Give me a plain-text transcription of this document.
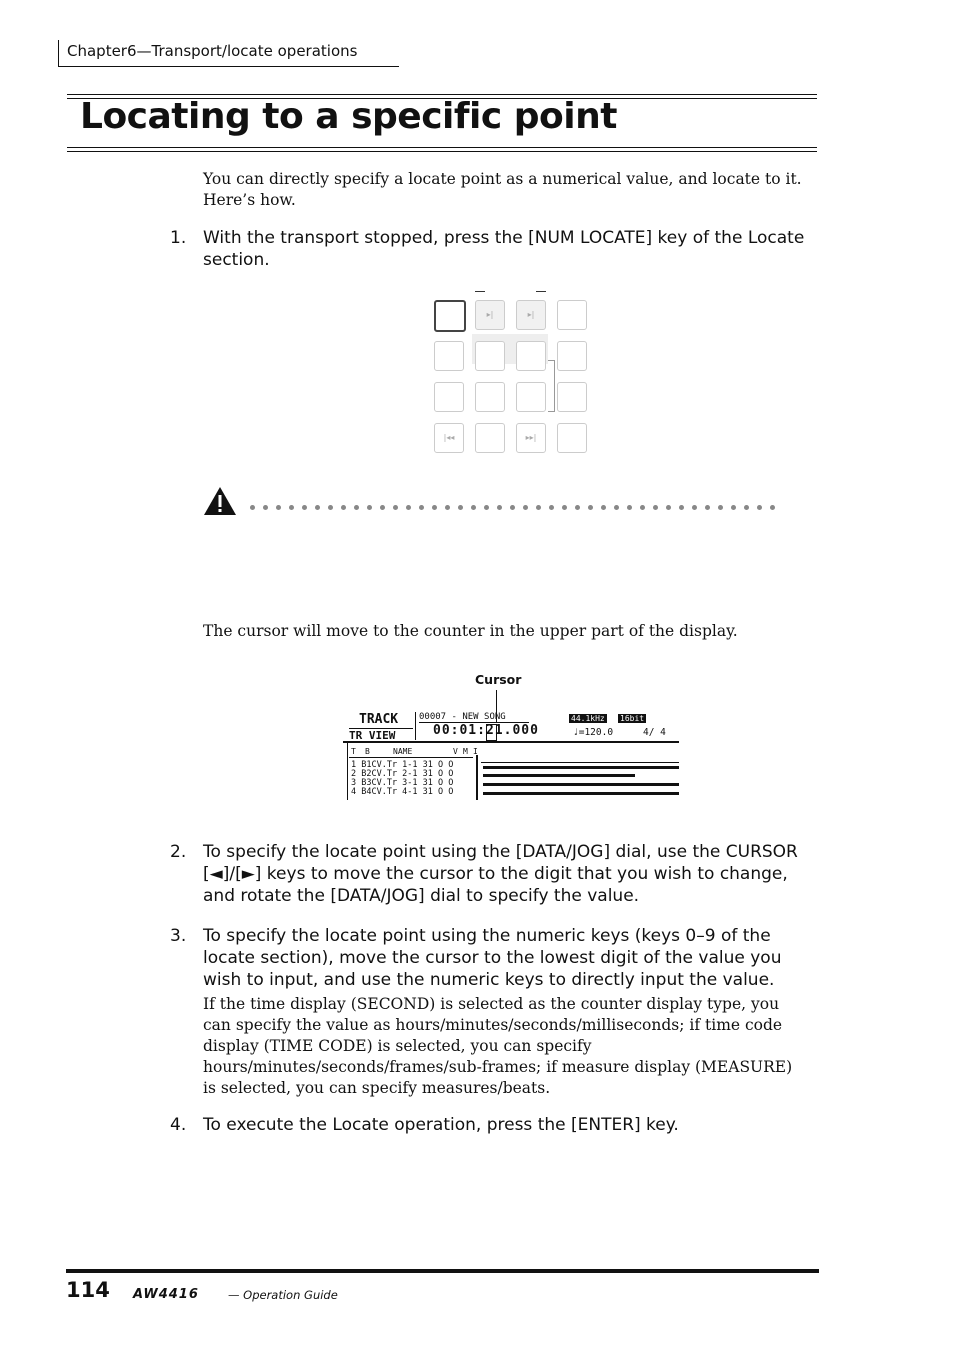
Chapter6—Transport/locate operations
Locating to a specific point
You can directly specify a locate point as a numerical value, and locate to it. Here’s how.
1. With the transport stopped, press the [NUM LOCATE] key of the Locate section.
▸|	▸|
|◂◂	▸▸|
The cursor will move to the counter in the upper part of the display.
Cursor
TRACK
TR VIEW
00007 - NEW SONG	44.1kHz 16bit
00:01:21.000	♩=120.0	4/ 4
T B	NAME	V M I
1 B1CV.Tr 1-1 31 O O
2 B2CV.Tr 2-1 31 O O
3 B3CV.Tr 3-1 31 O O
4 B4CV.Tr 4-1 31 O O
2. To specify the locate point using the [DATA/JOG] dial, use the CURSOR [◄]/[►] keys to move the cursor to the digit that you wish to change, and rotate the [DATA/JOG] dial to specify the value.
3. To specify the locate point using the numeric keys (keys 0–9 of the locate section), move the cursor to the lowest digit of the value you wish to input, and use the numeric keys to directly input the value.
If the time display (SECOND) is selected as the counter display type, you can specify the value as hours/minutes/seconds/milliseconds; if time code display (TIME CODE) is selected, you can specify hours/minutes/seconds/frames/sub-frames; if measure display (MEASURE) is selected, you can specify measures/beats.
4. To execute the Locate operation, press the [ENTER] key.
114 AW4416	— Operation Guide
